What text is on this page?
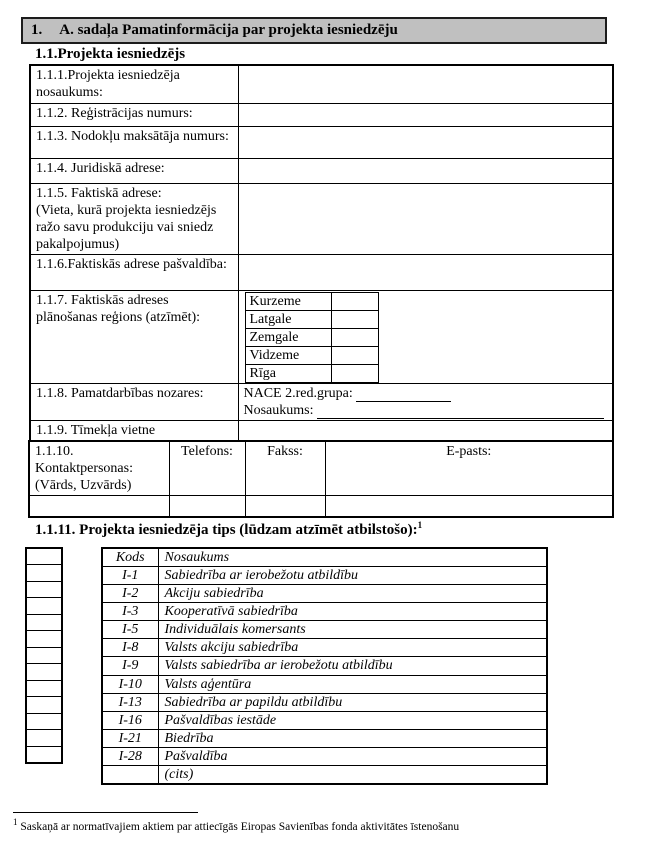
1. A. sadaļa Pamatinformācija par projekta iesniedzēju
1.1.Projekta iesniedzējs
1.1.1.Projekta iesniedzēja nosaukums:	
1.1.2. Reģistrācijas numurs:	
1.1.3. Nodokļu maksātāja numurs:	
1.1.4. Juridiskā adrese:	
1.1.5. Faktiskā adrese:
(Vieta, kurā projekta iesniedzējs ražo savu produkciju vai sniedz pakalpojumus)

1.1.6.Faktiskās adrese pašvaldība:	
1.1.7. Faktiskās adreses plānošanas reģions (atzīmēt):	
Kurzeme	
Latgale	
Zemgale	
Vidzeme	
Rīga	

1.1.8. Pamatdarbības nozares:	NACE 2.red.grupa:
Nosaukums:

1.1.9. Tīmekļa vietne	
1.1.10. Kontaktpersonas:
(Vārds, Uzvārds)	Telefons:	Fakss:	E-pasts:

1.1.11. Projekta iesniedzēja tips (lūdzam atzīmēt atbilstošo):$^1$

Kods	Nosaukums
I-1	Sabiedrība ar ierobežotu atbildību
I-2	Akciju sabiedrība
I-3	Kooperatīvā sabiedrība
I-5	Individuālais komersants
I-8	Valsts akciju sabiedrība
I-9	Valsts sabiedrība ar ierobežotu atbildību
I-10	Valsts aģentūra
I-13	Sabiedrība ar papildu atbildību
I-16	Pašvaldības iestāde
I-21	Biedrība
I-28	Pašvaldība
	(cits)
$^1$ Saskaņā ar normatīvajiem aktiem par attiecīgās Eiropas Savienības fonda aktivitātes īstenošanu
